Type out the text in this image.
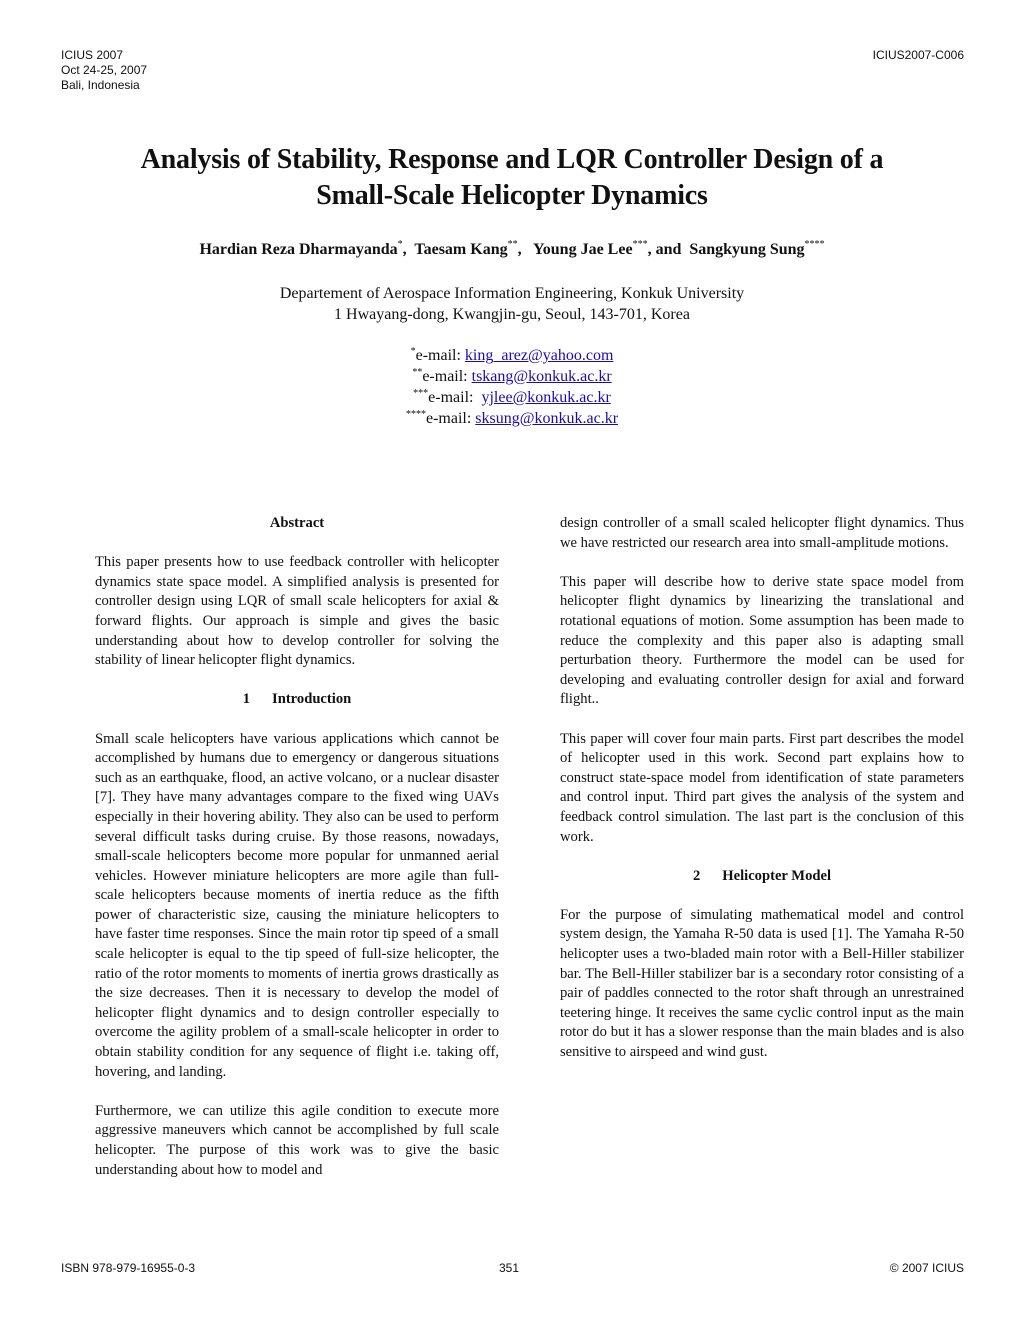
ICIUS 2007
Oct 24-25, 2007
Bali, Indonesia
ICIUS2007-C006
Analysis of Stability, Response and LQR Controller Design of a
Small-Scale Helicopter Dynamics
Hardian Reza Dharmayanda*,  Taesam Kang**,   Young Jae Lee***, and  Sangkyung Sung****
Departement of Aerospace Information Engineering, Konkuk University
1 Hwayang-dong, Kwangjin-gu, Seoul, 143-701, Korea
*e-mail: king_arez@yahoo.com
**e-mail: tskang@konkuk.ac.kr
***e-mail:  yjlee@konkuk.ac.kr
****e-mail: sksung@konkuk.ac.kr
Abstract

This paper presents how to use feedback controller with helicopter dynamics state space model. A simplified analysis is presented for controller design using LQR of small scale helicopters for axial & forward flights. Our approach is simple and gives the basic understanding about how to develop controller for solving the stability of linear helicopter flight dynamics.

1 Introduction

Small scale helicopters have various applications which cannot be accomplished by humans due to emergency or dangerous situations such as an earthquake, flood, an active volcano, or a nuclear disaster [7]. They have many advantages compare to the fixed wing UAVs especially in their hovering ability. They also can be used to perform several difficult tasks during cruise. By those reasons, nowadays, small-scale helicopters become more popular for unmanned aerial vehicles. However miniature helicopters are more agile than full-scale helicopters because moments of inertia reduce as the fifth power of characteristic size, causing the miniature helicopters to have faster time responses. Since the main rotor tip speed of a small scale helicopter is equal to the tip speed of full-size helicopter, the ratio of the rotor moments to moments of inertia grows drastically as the size decreases. Then it is necessary to develop the model of helicopter flight dynamics and to design controller especially to overcome the agility problem of a small-scale helicopter in order to obtain stability condition for any sequence of flight i.e. taking off, hovering, and landing.

Furthermore, we can utilize this agile condition to execute more aggressive maneuvers which cannot be accomplished by full scale helicopter. The purpose of this work was to give the basic understanding about how to model and

design controller of a small scaled helicopter flight dynamics. Thus we have restricted our research area into small-amplitude motions.

This paper will describe how to derive state space model from helicopter flight dynamics by linearizing the translational and rotational equations of motion. Some assumption has been made to reduce the complexity and this paper also is adapting small perturbation theory. Furthermore the model can be used for developing and evaluating controller design for axial and forward flight..

This paper will cover four main parts. First part describes the model of helicopter used in this work. Second part explains how to construct state-space model from identification of state parameters and control input. Third part gives the analysis of the system and feedback control simulation. The last part is the conclusion of this work.

2 Helicopter Model

For the purpose of simulating mathematical model and control system design, the Yamaha R-50 data is used [1]. The Yamaha R-50 helicopter uses a two-bladed main rotor with a Bell-Hiller stabilizer bar. The Bell-Hiller stabilizer bar is a secondary rotor consisting of a pair of paddles connected to the rotor shaft through an unrestrained teetering hinge. It receives the same cyclic control input as the main rotor do but it has a slower response than the main blades and is also sensitive to airspeed and wind gust.

ISBN 978-979-16955-0-3	351	© 2007 ICIUS
